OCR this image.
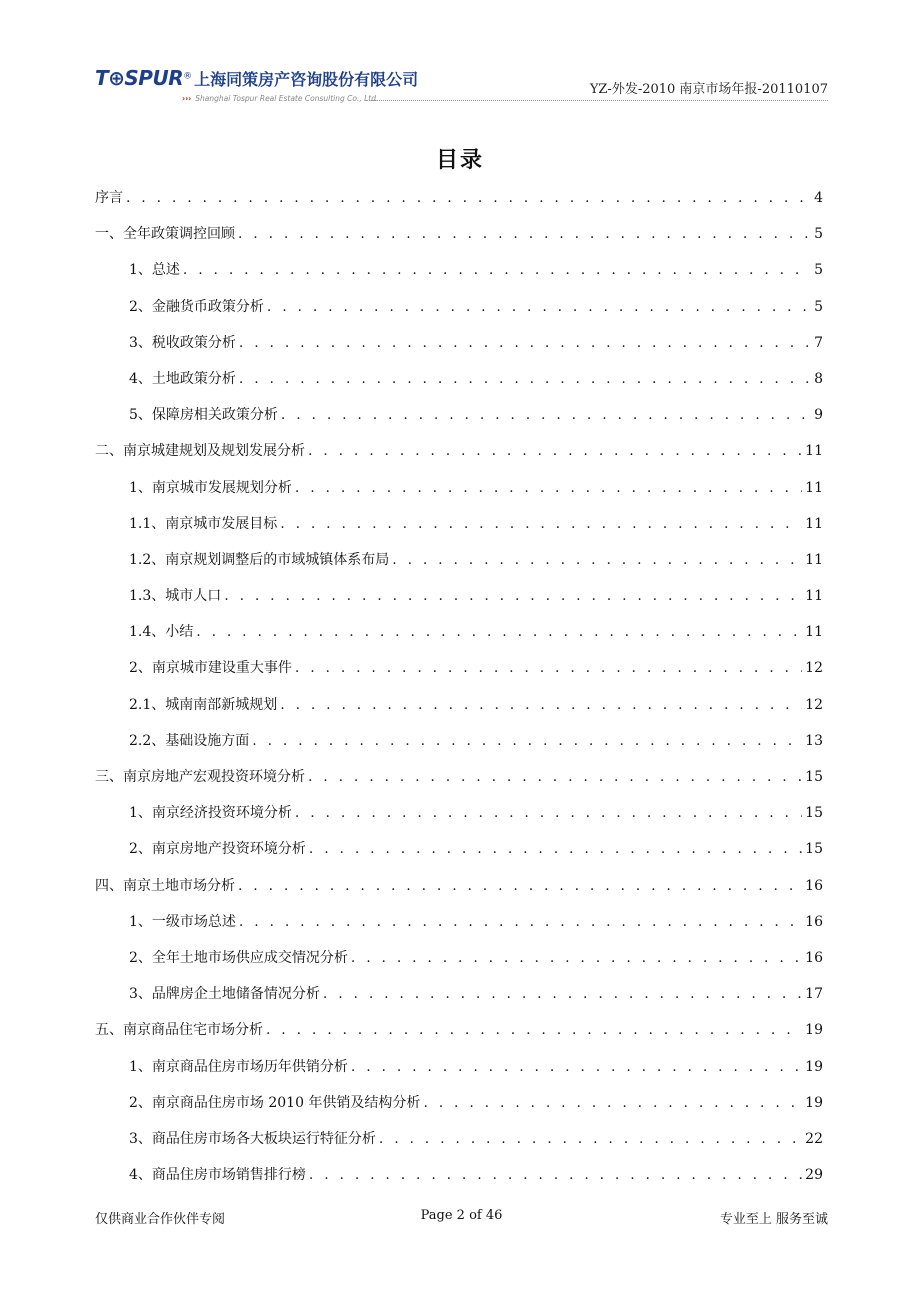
T⊕SPUR® 上海同策房产咨询股份有限公司
››› Shanghai Tospur Real Estate Consulting Co., Ltd.
YZ-外发-2010 南京市场年报-20110107
目录
序言 . . .	4
一、全年政策调控回顾 . . .	5
1、总述 . . .	5
2、金融货币政策分析 . . .	5
3、税收政策分析 . . .	7
4、土地政策分析 . . .	8
5、保障房相关政策分析 . . .	9
二、南京城建规划及规划发展分析 . . .	11
1、南京城市发展规划分析 . . .	11
1.1、南京城市发展目标 . . .	11
1.2、南京规划调整后的市域城镇体系布局 . . .	11
1.3、城市人口 . . .	11
1.4、小结 . . .	11
2、南京城市建设重大事件 . . .	12
2.1、城南南部新城规划 . . .	12
2.2、基础设施方面 . . .	13
三、南京房地产宏观投资环境分析 . . .	15
1、南京经济投资环境分析 . . .	15
2、南京房地产投资环境分析 . . .	15
四、南京土地市场分析 . . .	16
1、一级市场总述 . . .	16
2、全年土地市场供应成交情况分析 . . .	16
3、品牌房企土地储备情况分析 . . .	17
五、南京商品住宅市场分析 . . .	19
1、南京商品住房市场历年供销分析 . . .	19
2、南京商品住房市场 2010 年供销及结构分析 . . .	19
3、商品住房市场各大板块运行特征分析 . . .	22
4、商品住房市场销售排行榜 . . .	29
仅供商业合作伙伴专阅	Page 2 of 46	专业至上 服务至诚
